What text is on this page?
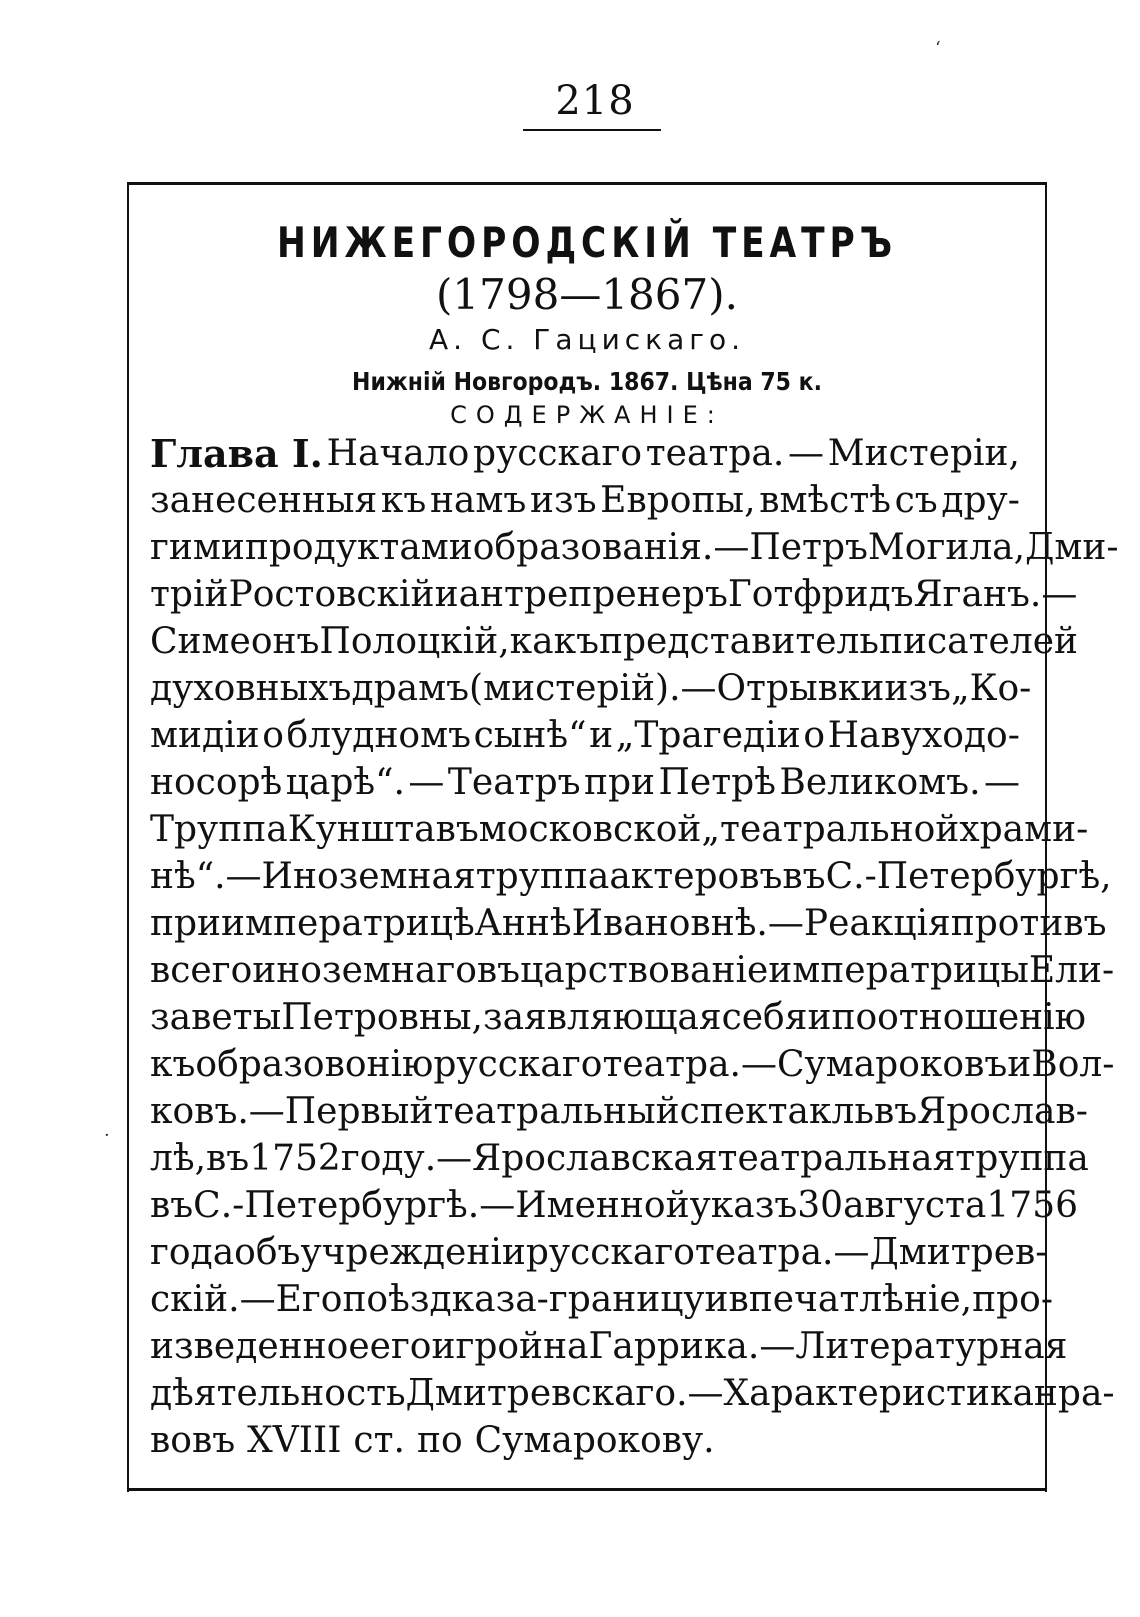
218
НИЖЕГОРОДСКІЙ ТЕАТРЪ
(1798—1867).
А. С. Гацискаго.
Нижній Новгородъ. 1867. Цѣна 75 к.
СОДЕРЖАНІЕ:
Глава I. Начало русскаго театра. — Мистеріи,
занесенныя къ намъ изъ Европы, вмѣстѣ съ дру-
гими продуктами образованія.—Петръ Могила, Дми-
трій Ростовскій и антрепренеръ Готфридъ Яганъ.—
Симеонъ Полоцкій, какъ представитель писателей
духовныхъ драмъ (мистерій).—Отрывки изъ „Ко-
мидіи о блудномъ сынѣ“ и „Трагедіи о Навуходо-
носорѣ царѣ“. — Театръ при Петрѣ Великомъ. —
Труппа Куншта въ московской „театральной храми-
нѣ“.—Иноземная труппа актеровъ въ С.-Петербургѣ,
при императрицѣ Аннѣ Ивановнѣ.—Реакція противъ
всего иноземнаго въ царствованіе императрицы Ели-
заветы Петровны, заявляющая себя и по отношенію
къ образовонію русскаго театра.—Сумароковъ и Вол-
ковъ.—Первый театральный спектакль въ Ярослав-
лѣ, въ 1752 году.—Ярославская театральная труппа
въ С.-Петербургѣ.—Именной указъ 30 августа 1756
года объ учрежденіи русскаго театра. — Дмитрев-
скій.—Его поѣздка за-границу и впечатлѣніе, про-
изведенное его игрой на Гаррика.— Литературная
дѣятельность Дмитревскаго.—Характеристика нра-
вовъ XVIII ст. по Сумарокову.
‘
·
